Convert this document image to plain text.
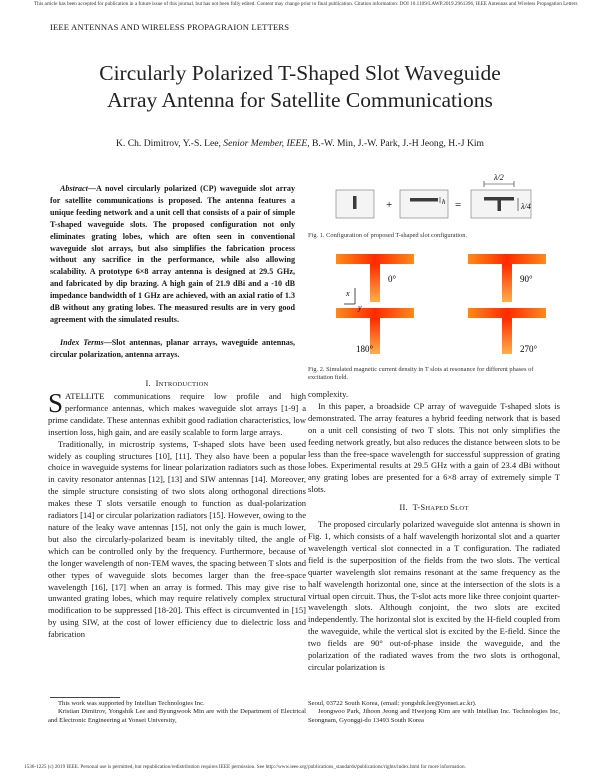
This article has been accepted for publication in a future issue of this journal, but has not been fully edited. Content may change prior to final publication. Citation information: DOI 10.1109/LAWP.2019.2961396, IEEE Antennas and Wireless Propagation Letters
IEEE ANTENNAS AND WIRELESS PROPAGRAION LETTERS
Circularly Polarized T-Shaped Slot Waveguide
Array Antenna for Satellite Communications
K. Ch. Dimitrov, Y.-S. Lee, Senior Member, IEEE, B.-W. Min, J.-W. Park, J.-H Jeong, H.-J Kim
Abstract—A novel circularly polarized (CP) waveguide slot array for satellite communications is proposed. The antenna features a unique feeding network and a unit cell that consists of a pair of simple T-shaped waveguide slots. The proposed configuration not only eliminates grating lobes, which are often seen in conventional waveguide slot arrays, but also simplifies the fabrication process without any sacrifice in the performance, while also allowing scalability. A prototype 6×8 array antenna is designed at 29.5 GHz, and fabricated by dip brazing. A high gain of 21.9 dBi and a -10 dB impedance bandwidth of 1 GHz are achieved, with an axial ratio of 1.3 dB without any grating lobes. The measured results are in very good agreement with the simulated results.
Index Terms—Slot antennas, planar arrays, waveguide antennas, circular polarization, antenna arrays.
I. INTRODUCTION

SATELLITE communications require low profile and high performance antennas, which makes waveguide slot arrays [1-9] a prime candidate. These antennas exhibit good radiation characteristics, low insertion loss, high gain, and are easily scalable to form large arrays.

Traditionally, in microstrip systems, T-shaped slots have been used widely as coupling structures [10], [11]. They also have been a popular choice in waveguide systems for linear polarization radiators such as those in cavity resonator antennas [12], [13] and SIW antennas [14]. Moreover, the simple structure consisting of two slots along orthogonal directions makes these T slots versatile enough to function as dual-polarization radiators [14] or circular polarization radiators [15]. However, owing to the nature of the leaky wave antennas [15], not only the gain is much lower, but also the circularly-polarized beam is inevitably tilted, the angle of which can be controlled only by the frequency. Furthermore, because of the longer wavelength of non-TEM waves, the spacing between T slots and other types of waveguide slots becomes larger than the free-space wavelength [16], [17] when an array is formed. This may give rise to unwanted grating lobes, which may require relatively complex structural modification to be suppressed [18-20]. This effect is circumvented in [15] by using SIW, at the cost of lower efficiency due to dielectric loss and fabrication

+	h =
λ/2
λ/4
Fig. 1. Configuration of proposed T-shaped slot configuration.
0°	90°
180°	270°
x
y
Fig. 2. Simulated magnetic current density in T slots at resonance for different phases of excitation field.

complexity.

In this paper, a broadside CP array of waveguide T-shaped slots is demonstrated. The array features a hybrid feeding network that is based on a unit cell consisting of two T slots. This not only simplifies the feeding network greatly, but also reduces the distance between slots to be less than the free-space wavelength for successful suppression of grating lobes. Experimental results at 29.5 GHz with a gain of 23.4 dBi without any grating lobes are presented for a 6×8 array of extremely simple T slots.

II. T-SHAPED SLOT

The proposed circularly polarized waveguide slot antenna is shown in Fig. 1, which consists of a half wavelength horizontal slot and a quarter wavelength vertical slot connected in a T configuration. The radiated field is the superposition of the fields from the two slots. The vertical quarter wavelength slot remains resonant at the same frequency as the half wavelength horizontal one, since at the intersection of the slots is a virtual open circuit. Thus, the T-slot acts more like three conjoint quarter-wavelength slots. Although conjoint, the two slots are excited independently. The horizontal slot is excited by the H-field coupled from the waveguide, while the vertical slot is excited by the E-field. Since the two fields are 90° out-of-phase inside the waveguide, and the polarization of the radiated waves from the two slots is orthogonal, circular polarization is

This work was supported by Intellian Technologies Inc.
Kristian Dimitrov, Yongshik Lee and Byungwook Min are with the Department of Electrical and Electronic Engineering at Yonsei University,
Seoul, 03722 South Korea, (email: yongshik.lee@yonsei.ac.kr).
Jeongwoo Park, Jihoon Jeong and Hwejong Kim are with Intellian Inc. Technologies Inc, Seongnam, Gyonggi-do 13493 South Korea
1536-1225 (c) 2019 IEEE. Personal use is permitted, but republication/redistribution requires IEEE permission. See http://www.ieee.org/publications_standards/publications/rights/index.html for more information.
